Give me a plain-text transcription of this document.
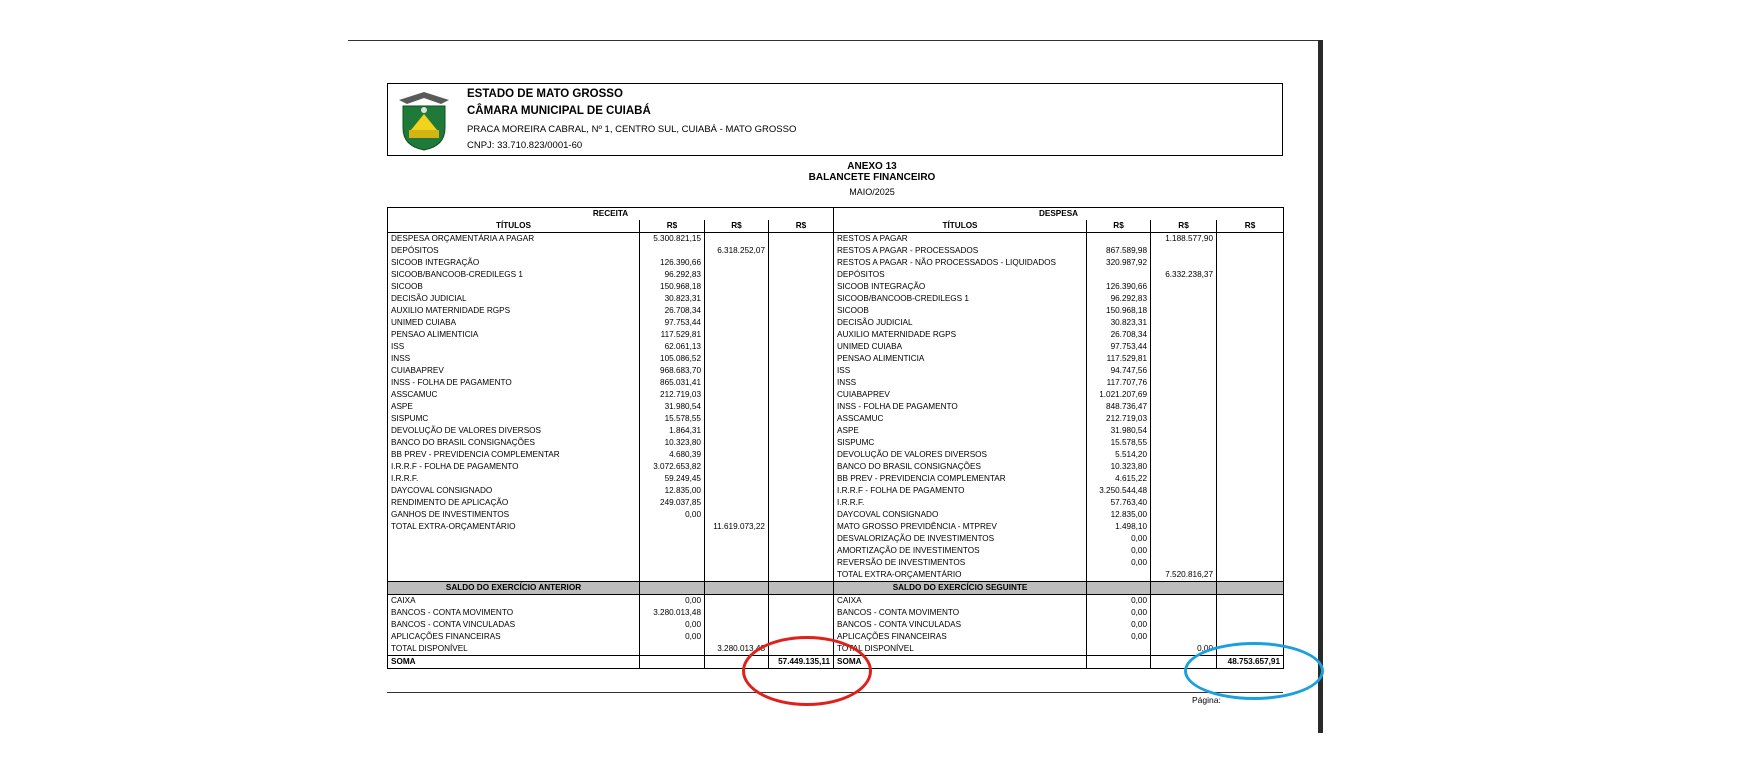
ESTADO DE MATO GROSSO
CÂMARA MUNICIPAL DE CUIABÁ
PRACA MOREIRA CABRAL, Nº 1, CENTRO SUL, CUIABÁ - MATO GROSSO
CNPJ: 33.710.823/0001-60
ANEXO 13
BALANCETE FINANCEIRO
MAIO/2025
RECEITA				DESPESA			
TÍTULOS	R$	R$	R$	TÍTULOS	R$	R$	R$
DESPESA ORÇAMENTÁRIA A PAGAR	5.300.821,15			RESTOS A PAGAR		1.188.577,90	
DEPÓSITOS		6.318.252,07		RESTOS A PAGAR - PROCESSADOS	867.589,98		
SICOOB INTEGRAÇÃO	126.390,66			RESTOS A PAGAR - NÃO PROCESSADOS - LIQUIDADOS	320.987,92		
SICOOB/BANCOOB-CREDILEGS 1	96.292,83			DEPÓSITOS		6.332.238,37	
SICOOB	150.968,18			SICOOB INTEGRAÇÃO	126.390,66		
DECISÃO JUDICIAL	30.823,31			SICOOB/BANCOOB-CREDILEGS 1	96.292,83		
AUXILIO MATERNIDADE RGPS	26.708,34			SICOOB	150.968,18		
UNIMED CUIABA	97.753,44			DECISÃO JUDICIAL	30.823,31		
PENSAO ALIMENTICIA	117.529,81			AUXILIO MATERNIDADE RGPS	26.708,34		
ISS	62.061,13			UNIMED CUIABA	97.753,44		
INSS	105.086,52			PENSAO ALIMENTICIA	117.529,81		
CUIABAPREV	968.683,70			ISS	94.747,56		
INSS - FOLHA DE PAGAMENTO	865.031,41			INSS	117.707,76		
ASSCAMUC	212.719,03			CUIABAPREV	1.021.207,69		
ASPE	31.980,54			INSS - FOLHA DE PAGAMENTO	848.736,47		
SISPUMC	15.578,55			ASSCAMUC	212.719,03		
DEVOLUÇÃO DE VALORES DIVERSOS	1.864,31			ASPE	31.980,54		
BANCO DO BRASIL CONSIGNAÇÕES	10.323,80			SISPUMC	15.578,55		
BB PREV - PREVIDENCIA COMPLEMENTAR	4.680,39			DEVOLUÇÃO DE VALORES DIVERSOS	5.514,20		
I.R.R.F - FOLHA DE PAGAMENTO	3.072.653,82			BANCO DO BRASIL CONSIGNAÇÕES	10.323,80		
I.R.R.F.	59.249,45			BB PREV - PREVIDENCIA COMPLEMENTAR	4.615,22		
DAYCOVAL CONSIGNADO	12.835,00			I.R.R.F - FOLHA DE PAGAMENTO	3.250.544,48		
RENDIMENTO DE APLICAÇÃO	249.037,85			I.R.R.F.	57.763,40		
GANHOS DE INVESTIMENTOS	0,00			DAYCOVAL CONSIGNADO	12.835,00		
TOTAL EXTRA-ORÇAMENTÁRIO		11.619.073,22		MATO GROSSO PREVIDÊNCIA - MTPREV	1.498,10		
				DESVALORIZAÇÃO DE INVESTIMENTOS	0,00		
				AMORTIZAÇÃO DE INVESTIMENTOS	0,00		
				REVERSÃO DE INVESTIMENTOS	0,00		
				TOTAL EXTRA-ORÇAMENTÁRIO		7.520.816,27	
SALDO DO EXERCÍCIO ANTERIOR				SALDO DO EXERCÍCIO SEGUINTE			
CAIXA	0,00			CAIXA	0,00		
BANCOS - CONTA MOVIMENTO	3.280.013,48			BANCOS - CONTA MOVIMENTO	0,00		
BANCOS - CONTA VINCULADAS	0,00			BANCOS - CONTA VINCULADAS	0,00		
APLICAÇÕES FINANCEIRAS	0,00			APLICAÇÕES FINANCEIRAS	0,00		
TOTAL DISPONÍVEL		3.280.013,48		TOTAL DISPONÍVEL		0,00	
SOMA			57.449.135,11	SOMA			48.753.657,91
Página:
